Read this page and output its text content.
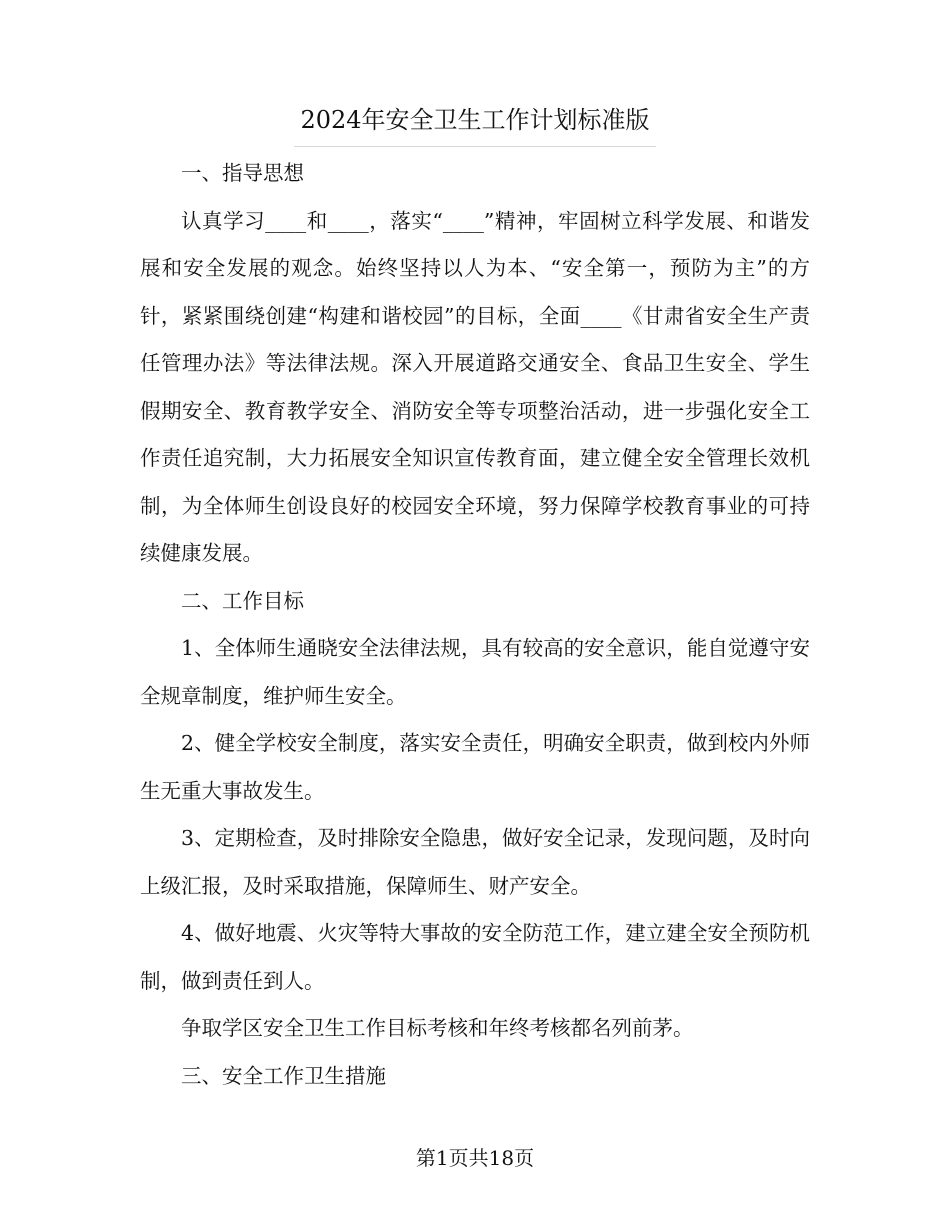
2024年安全卫生工作计划标准版

一、指导思想

认真学习____和____，落实“____”精神，牢固树立科学发展、和谐发展和安全发展的观念。始终坚持以人为本、“安全第一，预防为主”的方针，紧紧围绕创建“构建和谐校园”的目标，全面____《甘肃省安全生产责任管理办法》等法律法规。深入开展道路交通安全、食品卫生安全、学生假期安全、教育教学安全、消防安全等专项整治活动，进一步强化安全工作责任追究制，大力拓展安全知识宣传教育面，建立健全安全管理长效机制，为全体师生创设良好的校园安全环境，努力保障学校教育事业的可持续健康发展。

二、工作目标

1、全体师生通晓安全法律法规，具有较高的安全意识，能自觉遵守安全规章制度，维护师生安全。

2、健全学校安全制度，落实安全责任，明确安全职责，做到校内外师生无重大事故发生。

3、定期检查，及时排除安全隐患，做好安全记录，发现问题，及时向上级汇报，及时采取措施，保障师生、财产安全。

4、做好地震、火灾等特大事故的安全防范工作，建立建全安全预防机制，做到责任到人。

争取学区安全卫生工作目标考核和年终考核都名列前茅。

三、安全工作卫生措施

第1页共18页
